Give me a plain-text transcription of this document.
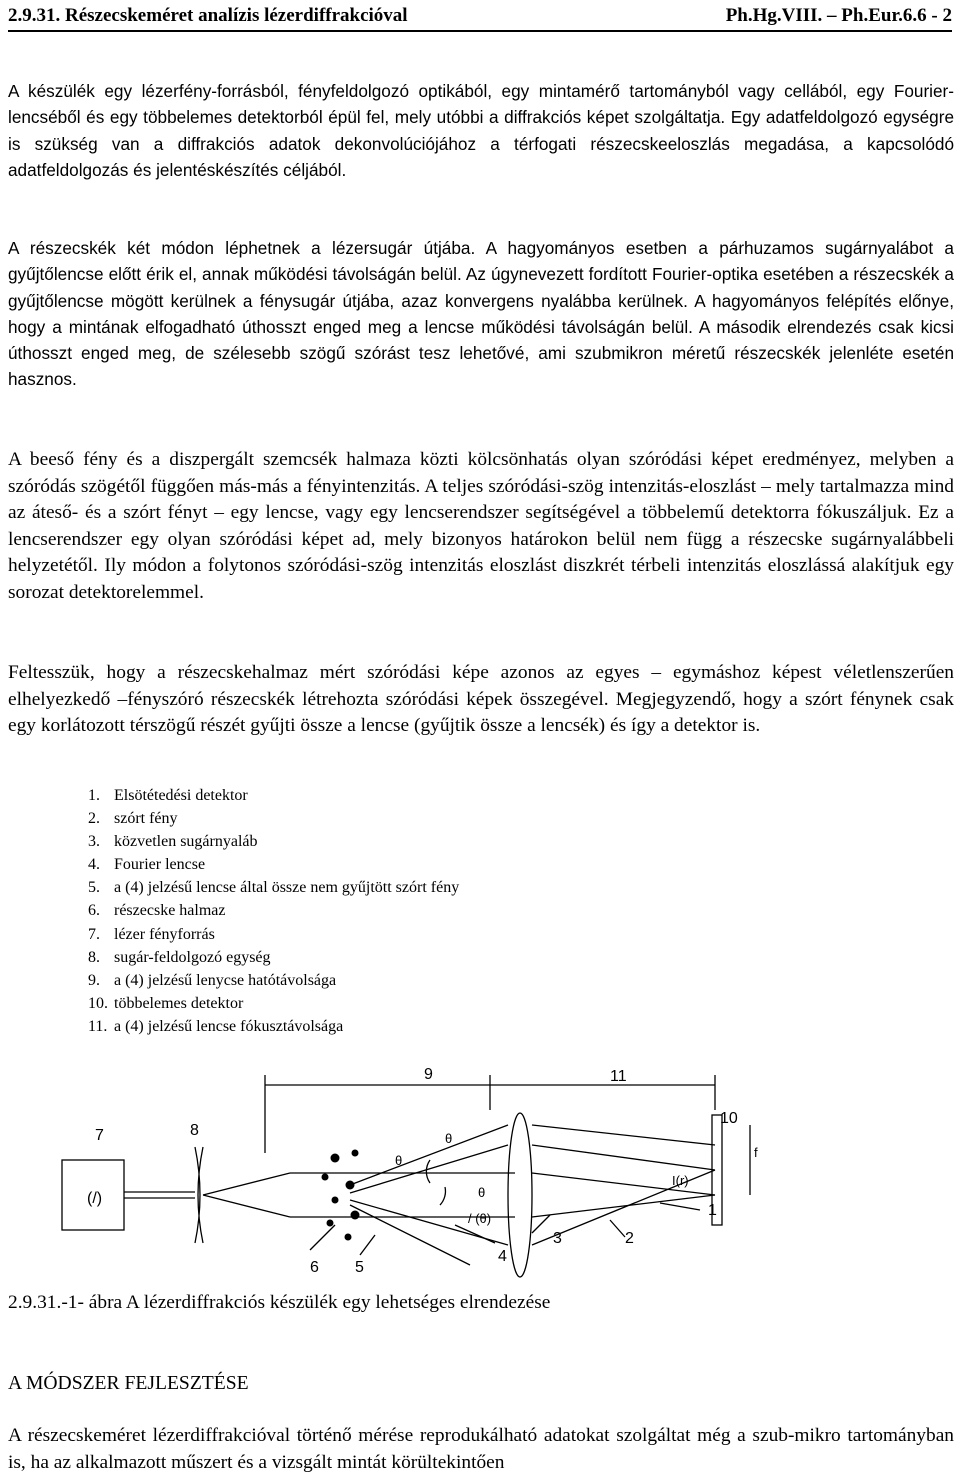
2.9.31. Részecskeméret analízis lézerdiffrakcióval	Ph.Hg.VIII. – Ph.Eur.6.6 - 2

A készülék egy lézerfény-forrásból, fényfeldolgozó optikából, egy mintamérő tartományból vagy cellából, egy Fourier-lencséből és egy többelemes detektorból épül fel, mely utóbbi a diffrakciós képet szolgáltatja. Egy adatfeldolgozó egységre is szükség van a diffrakciós adatok dekonvolúciójához a térfogati részecskeeloszlás megadása, a kapcsolódó adatfeldolgozás és jelentéskészítés céljából.

A részecskék két módon léphetnek a lézersugár útjába. A hagyományos esetben a párhuzamos sugárnyalábot a gyűjtőlencse előtt érik el, annak működési távolságán belül. Az úgynevezett fordított Fourier-optika esetében a részecskék a gyűjtőlencse mögött kerülnek a fénysugár útjába, azaz konvergens nyalábba kerülnek. A hagyományos felépítés előnye, hogy a mintának elfogadható úthosszt enged meg a lencse működési távolságán belül. A második elrendezés csak kicsi úthosszt enged meg, de szélesebb szögű szórást tesz lehetővé, ami szubmikron méretű részecskék jelenléte esetén hasznos.

A beeső fény és a diszpergált szemcsék halmaza közti kölcsönhatás olyan szóródási képet eredményez, melyben a szóródás szögétől függően más-más a fényintenzitás. A teljes szóródási-szög intenzitás-eloszlást – mely tartalmazza mind az áteső- és a szórt fényt – egy lencse, vagy egy lencserendszer segítségével a többelemű detektorra fókuszáljuk. Ez a lencserendszer egy olyan szóródási képet ad, mely bizonyos határokon belül nem függ a részecske sugárnyalábbeli helyzetétől. Ily módon a folytonos szóródási-szög intenzitás eloszlást diszkrét térbeli intenzitás eloszlássá alakítjuk egy sorozat detektorelemmel.

Feltesszük, hogy a részecskehalmaz mért szóródási képe azonos az egyes – egymáshoz képest véletlenszerűen elhelyezkedő –fényszóró részecskék létrehozta szóródási képek összegével. Megjegyzendő, hogy a szórt fénynek csak egy korlátozott térszögű részét gyűjti össze a lencse (gyűjtik össze a lencsék) és így a detektor is.

1. Elsötétedési detektor
2. szórt fény
3. közvetlen sugárnyaláb
4. Fourier lencse
5. a (4) jelzésű lencse által össze nem gyűjtött szórt fény
6. részecske halmaz
7. lézer fényforrás
8. sugár-feldolgozó egység
9. a (4) jelzésű lenycse hatótávolsága
10. többelemes detektor
11. a (4) jelzésű lencse fókusztávolsága
9	11
10
7	8
(/)
θ
θ
θ
/ (θ)
I(r)
f
1
2
3
4
5
6
2.9.31.-1- ábra A lézerdiffrakciós készülék egy lehetséges elrendezése
A MÓDSZER FEJLESZTÉSE

A részecskeméret lézerdiffrakcióval történő mérése reprodukálható adatokat szolgáltat még a szub-mikro tartományban is, ha az alkalmazott műszert és a vizsgált mintát körültekintően
